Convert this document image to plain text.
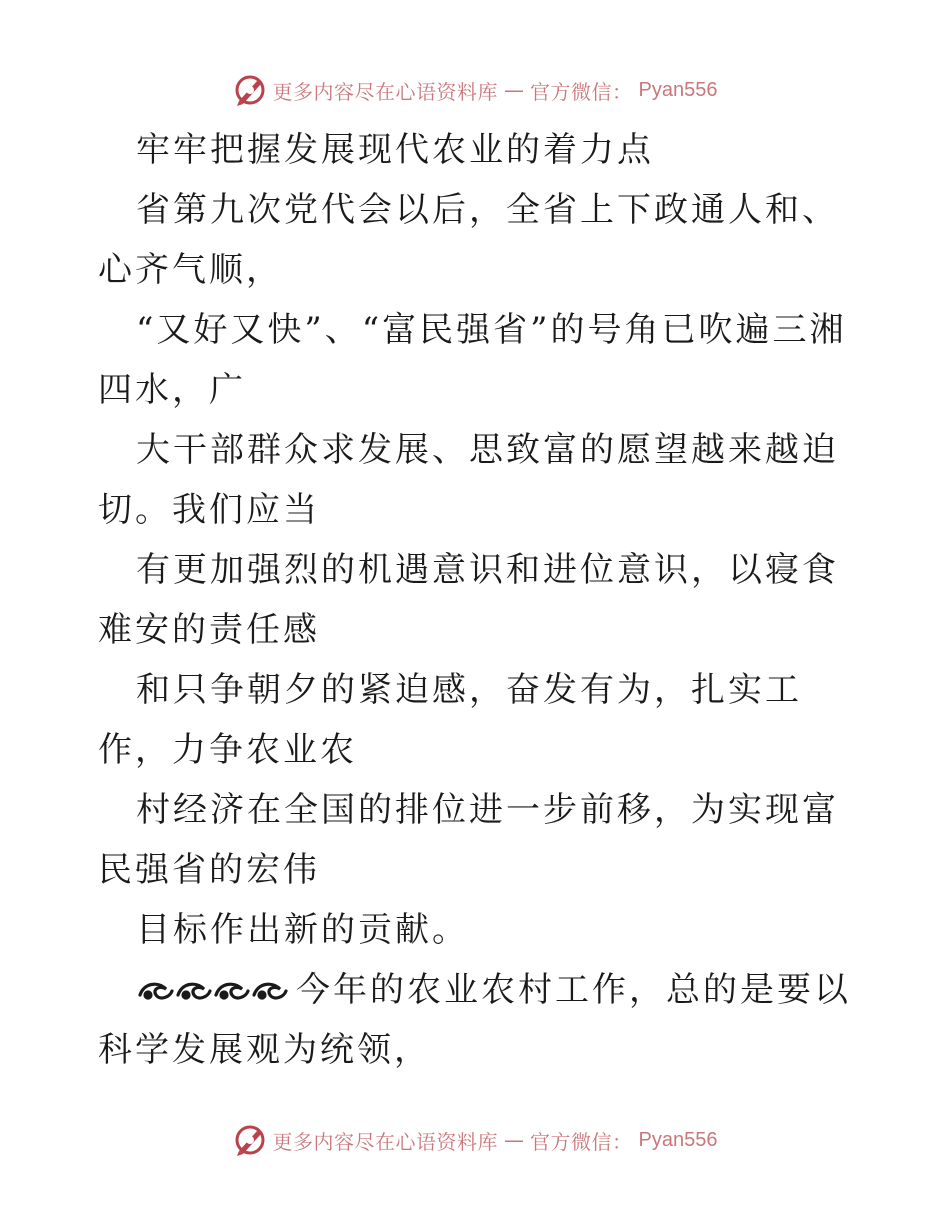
更多内容尽在心语资料库 — 官方微信： Pyan556

牢牢把握发展现代农业的着力点

省第九次党代会以后，全省上下政通人和、心齐气顺，

“又好又快”、“富民强省”的号角已吹遍三湘四水，广

大干部群众求发展、思致富的愿望越来越迫切。我们应当

有更加强烈的机遇意识和进位意识，以寝食难安的责任感

和只争朝夕的紧迫感，奋发有为，扎实工作，力争农业农

村经济在全国的排位进一步前移，为实现富民强省的宏伟

目标作出新的贡献。

今年的农业农村工作，总的是要以科学发展观为统领，

更多内容尽在心语资料库 — 官方微信： Pyan556
